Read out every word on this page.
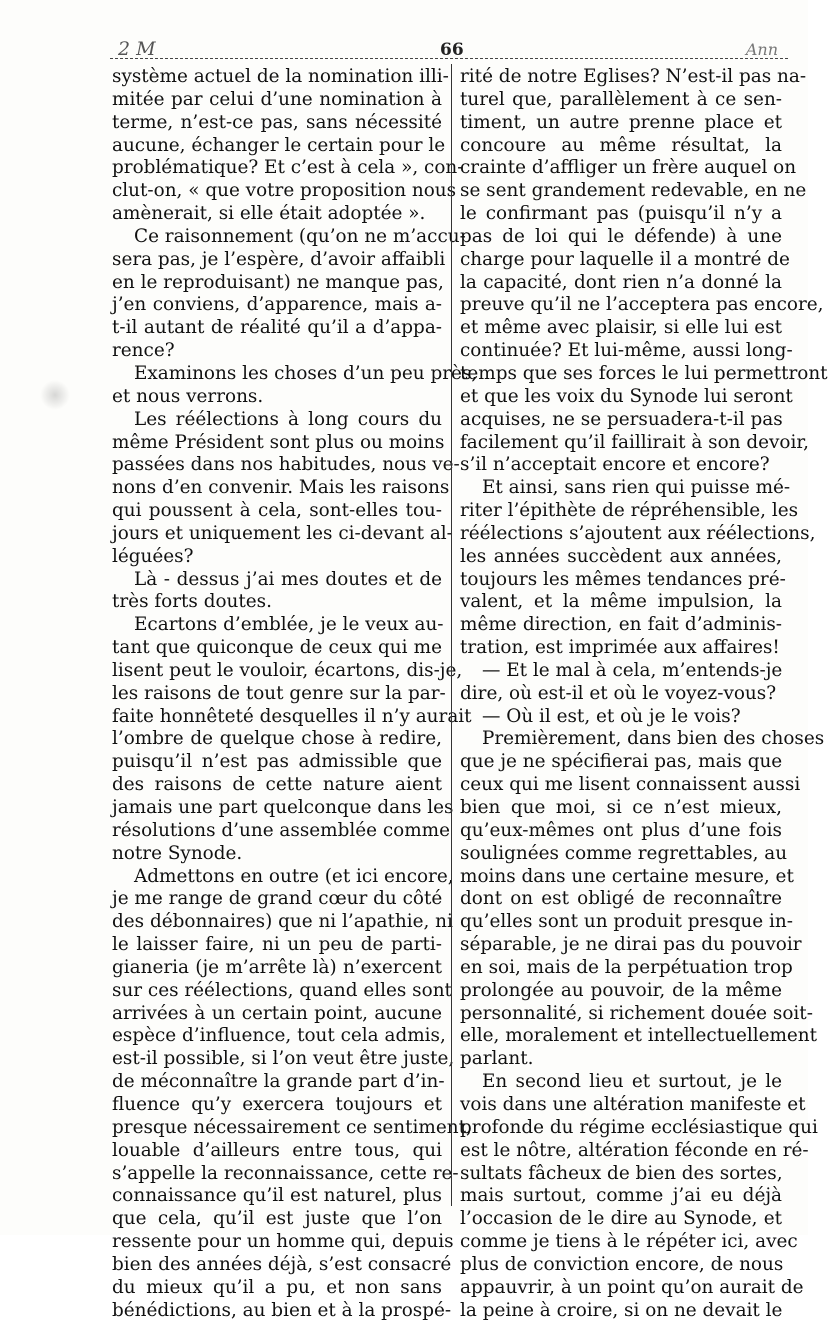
2 M	66	Ann
système actuel de la nomination illi-
mitée par celui d’une nomination à
terme, n’est-ce pas, sans nécessité
aucune, échanger le certain pour le
problématique? Et c’est à cela », con-
clut-on, « que votre proposition nous
amènerait, si elle était adoptée ».
Ce raisonnement (qu’on ne m’accu-
sera pas, je l’espère, d’avoir affaibli
en le reproduisant) ne manque pas,
j’en conviens, d’apparence, mais a-
t-il autant de réalité qu’il a d’appa-
rence?
Examinons les choses d’un peu près,
et nous verrons.
Les réélections à long cours du
même Président sont plus ou moins
passées dans nos habitudes, nous ve-
nons d’en convenir. Mais les raisons
qui poussent à cela, sont-elles tou-
jours et uniquement les ci-devant al-
léguées?
Là - dessus j’ai mes doutes et de
très forts doutes.
Ecartons d’emblée, je le veux au-
tant que quiconque de ceux qui me
lisent peut le vouloir, écartons, dis-je,
les raisons de tout genre sur la par-
faite honnêteté desquelles il n’y aurait
l’ombre de quelque chose à redire,
puisqu’il n’est pas admissible que
des raisons de cette nature aient
jamais une part quelconque dans les
résolutions d’une assemblée comme
notre Synode.
Admettons en outre (et ici encore,
je me range de grand cœur du côté
des débonnaires) que ni l’apathie, ni
le laisser faire, ni un peu de parti-
gianeria (je m’arrête là) n’exercent
sur ces réélections, quand elles sont
arrivées à un certain point, aucune
espèce d’influence, tout cela admis,
est-il possible, si l’on veut être juste,
de méconnaître la grande part d’in-
fluence qu’y exercera toujours et
presque nécessairement ce sentiment,
louable d’ailleurs entre tous, qui
s’appelle la reconnaissance, cette re-
connaissance qu’il est naturel, plus
que cela, qu’il est juste que l’on
ressente pour un homme qui, depuis
bien des années déjà, s’est consacré
du mieux qu’il a pu, et non sans
bénédictions, au bien et à la prospé-
rité de notre Eglises? N’est-il pas na-
turel que, parallèlement à ce sen-
timent, un autre prenne place et
concoure au même résultat, la
crainte d’affliger un frère auquel on
se sent grandement redevable, en ne
le confirmant pas (puisqu’il n’y a
pas de loi qui le défende) à une
charge pour laquelle il a montré de
la capacité, dont rien n’a donné la
preuve qu’il ne l’acceptera pas encore,
et même avec plaisir, si elle lui est
continuée? Et lui-même, aussi long-
temps que ses forces le lui permettront
et que les voix du Synode lui seront
acquises, ne se persuadera-t-il pas
facilement qu’il faillirait à son devoir,
s’il n’acceptait encore et encore?
Et ainsi, sans rien qui puisse mé-
riter l’épithète de répréhensible, les
réélections s’ajoutent aux réélections,
les années succèdent aux années,
toujours les mêmes tendances pré-
valent, et la même impulsion, la
même direction, en fait d’adminis-
tration, est imprimée aux affaires!
— Et le mal à cela, m’entends-je
dire, où est-il et où le voyez-vous?
— Où il est, et où je le vois?
Premièrement, dans bien des choses
que je ne spécifierai pas, mais que
ceux qui me lisent connaissent aussi
bien que moi, si ce n’est mieux,
qu’eux-mêmes ont plus d’une fois
soulignées comme regrettables, au
moins dans une certaine mesure, et
dont on est obligé de reconnaître
qu’elles sont un produit presque in-
séparable, je ne dirai pas du pouvoir
en soi, mais de la perpétuation trop
prolongée au pouvoir, de la même
personnalité, si richement douée soit-
elle, moralement et intellectuellement
parlant.
En second lieu et surtout, je le
vois dans une altération manifeste et
profonde du régime ecclésiastique qui
est le nôtre, altération féconde en ré-
sultats fâcheux de bien des sortes,
mais surtout, comme j’ai eu déjà
l’occasion de le dire au Synode, et
comme je tiens à le répéter ici, avec
plus de conviction encore, de nous
appauvrir, à un point qu’on aurait de
la peine à croire, si on ne devait le
